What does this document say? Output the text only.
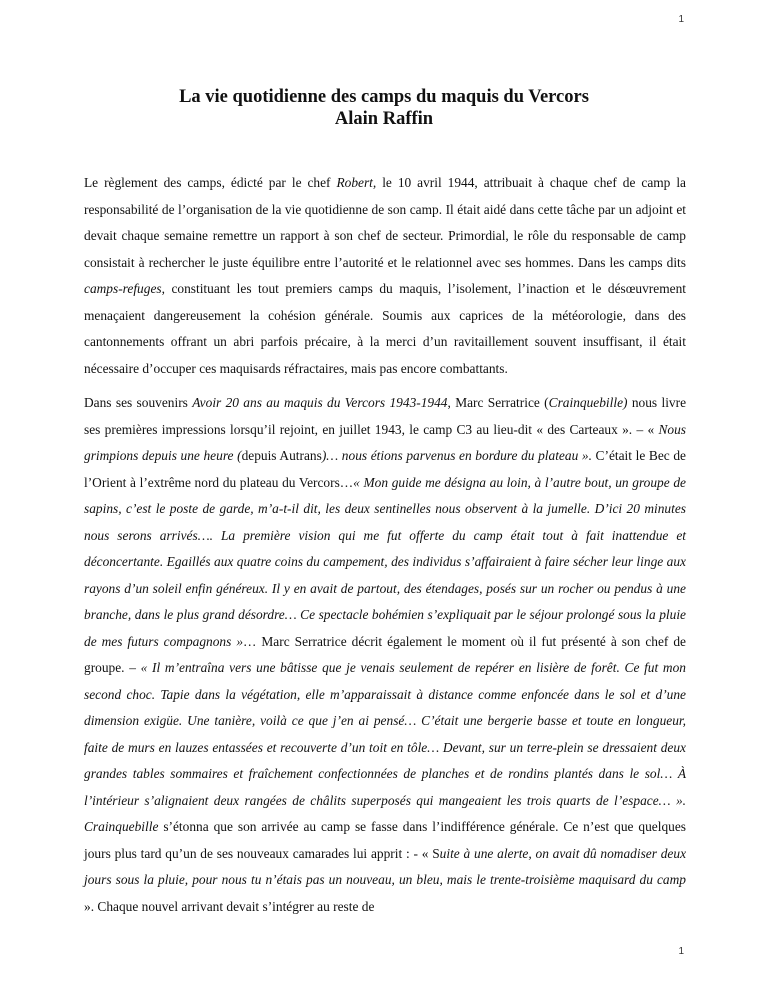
1
La vie quotidienne des camps du maquis du Vercors
Alain Raffin

Le règlement des camps, édicté par le chef Robert, le 10 avril 1944, attribuait à chaque chef de camp la responsabilité de l’organisation de la vie quotidienne de son camp. Il était aidé dans cette tâche par un adjoint et devait chaque semaine remettre un rapport à son chef de secteur. Primordial, le rôle du responsable de camp consistait à rechercher le juste équilibre entre l’autorité et le relationnel avec ses hommes. Dans les camps dits camps-refuges, constituant les tout premiers camps du maquis, l’isolement, l’inaction et le désœuvrement menaçaient dangereusement la cohésion générale. Soumis aux caprices de la météorologie, dans des cantonnements offrant un abri parfois précaire, à la merci d’un ravitaillement souvent insuffisant, il était nécessaire d’occuper ces maquisards réfractaires, mais pas encore combattants.

Dans ses souvenirs Avoir 20 ans au maquis du Vercors 1943-1944, Marc Serratrice (Crainquebille) nous livre ses premières impressions lorsqu’il rejoint, en juillet 1943, le camp C3 au lieu-dit « des Carteaux ». – « Nous grimpions depuis une heure (depuis Autrans)… nous étions parvenus en bordure du plateau ». C’était le Bec de l’Orient à l’extrême nord du plateau du Vercors…« Mon guide me désigna au loin, à l’autre bout, un groupe de sapins, c’est le poste de garde, m’a-t-il dit, les deux sentinelles nous observent à la jumelle. D’ici 20 minutes nous serons arrivés…. La première vision qui me fut offerte du camp était tout à fait inattendue et déconcertante. Egaillés aux quatre coins du campement, des individus s’affairaient à faire sécher leur linge aux rayons d’un soleil enfin généreux. Il y en avait de partout, des étendages, posés sur un rocher ou pendus à une branche, dans le plus grand désordre… Ce spectacle bohémien s’expliquait par le séjour prolongé sous la pluie de mes futurs compagnons »… Marc Serratrice décrit également le moment où il fut présenté à son chef de groupe. – « Il m’entraîna vers une bâtisse que je venais seulement de repérer en lisière de forêt. Ce fut mon second choc. Tapie dans la végétation, elle m’apparaissait à distance comme enfoncée dans le sol et d’une dimension exigüe. Une tanière, voilà ce que j’en ai pensé… C’était une bergerie basse et toute en longueur, faite de murs en lauzes entassées et recouverte d’un toit en tôle… Devant, sur un terre-plein se dressaient deux grandes tables sommaires et fraîchement confectionnées de planches et de rondins plantés dans le sol… À l’intérieur s’alignaient deux rangées de châlits superposés qui mangeaient les trois quarts de l’espace… ». Crainquebille s’étonna que son arrivée au camp se fasse dans l’indifférence générale. Ce n’est que quelques jours plus tard qu’un de ses nouveaux camarades lui apprit : - « Suite à une alerte, on avait dû nomadiser deux jours sous la pluie, pour nous tu n’étais pas un nouveau, un bleu, mais le trente-troisième maquisard du camp ». Chaque nouvel arrivant devait s’intégrer au reste de

1
